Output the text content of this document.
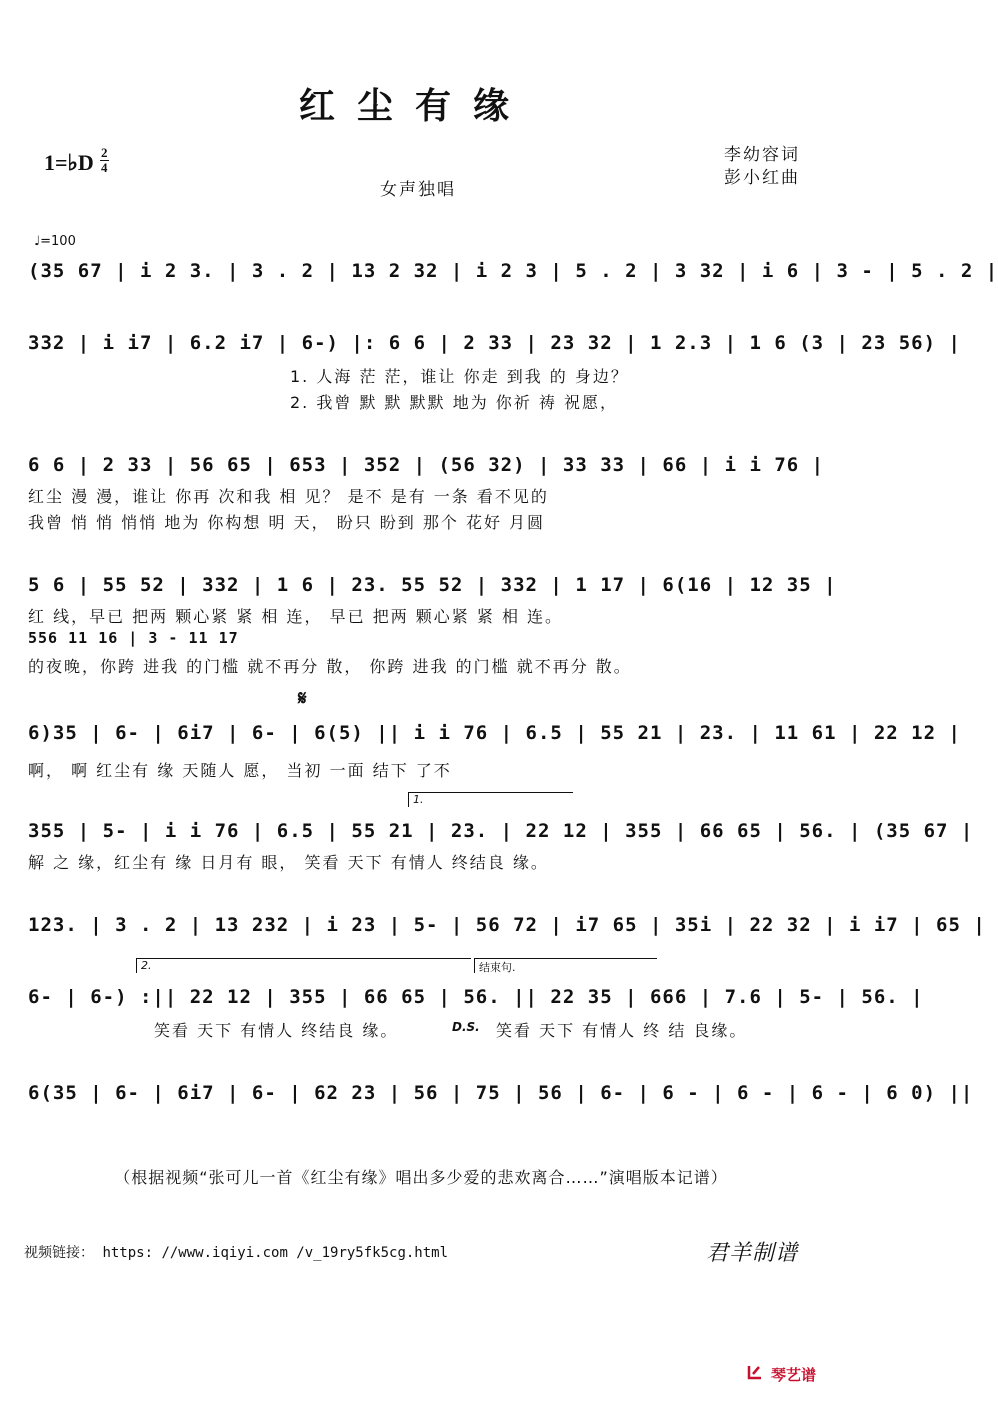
红尘有缘
1=♭D 2
4
李幼容词
彭小红曲
女声独唱
♩=100
(35 67 | i 2 3. | 3 . 2 | 13 2 32 | i 2 3 | 5 . 2 | 3 32 | i 6 | 3 - | 5 . 2 |
332 | i i7 | 6.2 i7 | 6-) |: 6 6 | 2 33 | 23 32 | 1 2.3 | 1 6 (3 | 23 56) |
1. 人海 茫 茫，谁让 你走 到我 的 身边？
2. 我曾 默 默 默默 地为 你祈 祷 祝愿，
6 6 | 2 33 | 56 65 | 653 | 352 | (56 32) | 33 33 | 66 | i i 76 |
红尘 漫 漫，谁让 你再 次和我 相 见？ 是不 是有 一条 看不见的
我曾 悄 悄 悄悄 地为 你构想 明 天， 盼只 盼到 那个 花好 月圆
5 6 | 55 52 | 332 | 1 6 | 23. 55 52 | 332 | 1 17 | 6(16 | 12 35 |
红 线，早已 把两 颗心紧 紧 相 连， 早已 把两 颗心紧 紧 相 连。
556 11 16 | 3 - 11 17
的夜晚，你跨 进我 的门槛 就不再分 散， 你跨 进我 的门槛 就不再分 散。
𝄋
6)35 | 6- | 6i7 | 6- | 6(5) || i i 76 | 6.5 | 55 21 | 23. | 11 61 | 22 12 |
啊， 啊 红尘有 缘 天随人 愿， 当初 一面 结下 了不
1.
355 | 5- | i i 76 | 6.5 | 55 21 | 23. | 22 12 | 355 | 66 65 | 56. | (35 67 |
解 之 缘，红尘有 缘 日月有 眼， 笑看 天下 有情人 终结良 缘。
123. | 3 . 2 | 13 232 | i 23 | 5- | 56 72 | i7 65 | 35i | 22 32 | i i7 | 65 |
2.	结束句.
6- | 6-) :|| 22 12 | 355 | 66 65 | 56. || 22 35 | 666 | 7.6 | 5- | 56. |
笑看 天下 有情人 终结良 缘。	D.S. 笑看 天下 有情人 终 结 良缘。
6(35 | 6- | 6i7 | 6- | 62 23 | 56 | 75 | 56 | 6- | 6 - | 6 - | 6 - | 6 0) ||
（根据视频“张可儿一首《红尘有缘》唱出多少爱的悲欢离合……”演唱版本记谱）
视频链接： https: //www.iqiyi.com /v_19ry5fk5cg.html	君羊制谱
琴艺谱
